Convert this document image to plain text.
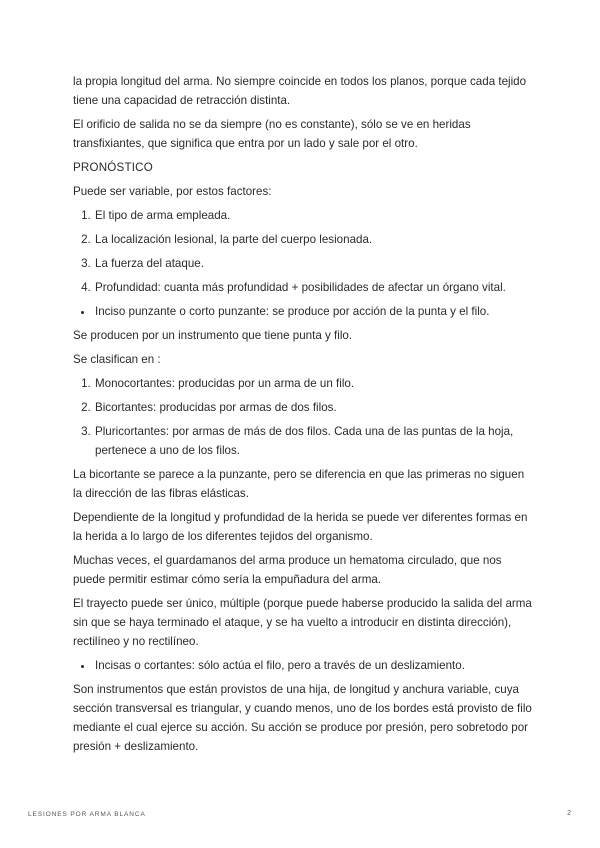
la propia longitud del arma. No siempre coincide en todos los planos, porque cada tejido tiene una capacidad de retracción distinta.

El orificio de salida no se da siempre (no es constante), sólo se ve en heridas transfixiantes, que significa que entra por un lado y sale por el otro.

PRONÓSTICO

Puede ser variable, por estos factores:

1. El tipo de arma empleada.
2. La localización lesional, la parte del cuerpo lesionada.
3. La fuerza del ataque.
4. Profundidad: cuanta más profundidad + posibilidades de afectar un órgano vital.
• Inciso punzante o corto punzante: se produce por acción de la punta y el filo.

Se producen por un instrumento que tiene punta y filo.

Se clasifican en :

1. Monocortantes: producidas por un arma de un filo.
2. Bicortantes: producidas por armas de dos filos.
3. Pluricortantes: por armas de más de dos filos. Cada una de las puntas de la hoja, pertenece a uno de los filos.

La bicortante se parece a la punzante, pero se diferencia en que las primeras no siguen la dirección de las fibras elásticas.

Dependiente de la longitud y profundidad de la herida se puede ver diferentes formas en la herida a lo largo de los diferentes tejidos del organismo.

Muchas veces, el guardamanos del arma produce un hematoma circulado, que nos puede permitir estimar cómo sería la empuñadura del arma.

El trayecto puede ser único, múltiple (porque puede haberse producido la salida del arma sin que se haya terminado el ataque, y se ha vuelto a introducir en distinta dirección), rectilíneo y no rectilíneo.

• Incisas o cortantes: sólo actúa el filo, pero a través de un deslizamiento.

Son instrumentos que están provistos de una hija, de longitud y anchura variable, cuya sección transversal es triangular, y cuando menos, uno de los bordes está provisto de filo mediante el cual ejerce su acción. Su acción se produce por presión, pero sobretodo por presión + deslizamiento.

LESIONES POR ARMA BLANCA	2
